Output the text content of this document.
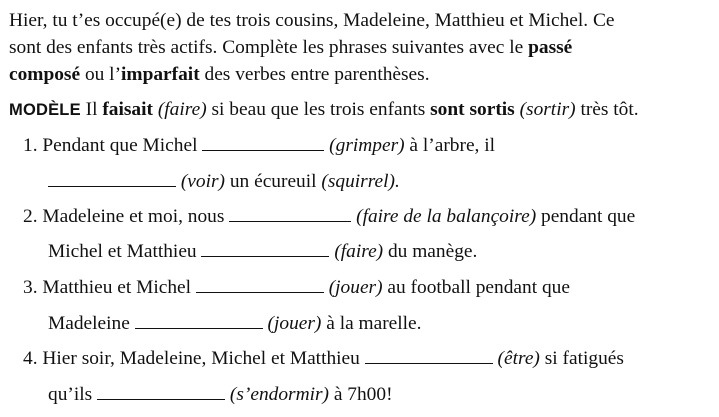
Hier, tu t’es occupé(e) de tes trois cousins, Madeleine, Matthieu et Michel. Ce
sont des enfants très actifs. Complète les phrases suivantes avec le passé
composé ou l’imparfait des verbes entre parenthèses.
MODÈLE Il faisait (faire) si beau que les trois enfants sont sortis (sortir) très tôt.
1. Pendant que Michel	(grimper) à l’arbre, il
(voir) un écureuil (squirrel).
2. Madeleine et moi, nous	(faire de la balançoire) pendant que
Michel et Matthieu	(faire) du manège.
3. Matthieu et Michel	(jouer) au football pendant que
Madeleine	(jouer) à la marelle.
4. Hier soir, Madeleine, Michel et Matthieu	(être) si fatigués
qu’ils	(s’endormir) à 7h00!
